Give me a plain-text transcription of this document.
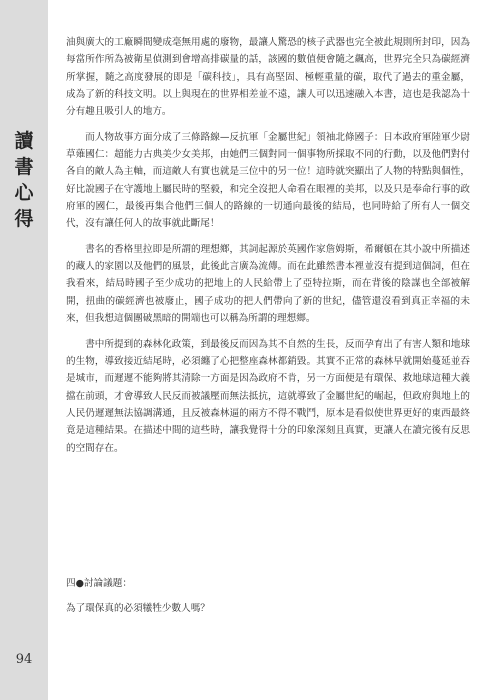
讀
書
心
得
94

油與廣大的工廠瞬間變成毫無用處的廢物，最讓人驚恐的核子武器也完全被此規則所封印，因為每當所作所為被衛星偵測到會增高排碳量的話，該國的數值便會隨之飆高，世界完全只為碳經濟所掌握，隨之高度發展的即是「碳科技」，具有高堅固、極輕重量的碳，取代了過去的重金屬，成為了新的科技文明。以上與現在的世界相差並不遠，讓人可以迅速融入本書，這也是我認為十分有趣且吸引人的地方。

而人物故事方面分成了三條路線—反抗軍「金屬世紀」領袖北條國子：日本政府軍陸軍少尉草薙國仁：超能力古典美少女美邦，由她們三個對同一個事物所採取不同的行動，以及他們對付各自的敵人為主軸，而這敵人有實也就是三位中的另一位！這時就突顯出了人物的特點與個性，好比說國子在守護地上屬民時的堅毅，和完全沒把人命看在眼裡的美邦，以及只是奉命行事的政府軍的國仁，最後再集合他們三個人的路線的一切通向最後的結局，也同時給了所有人一個交代，沒有讓任何人的故事就此斷尾！

書名的香格里拉即是所謂的理想鄉，其詞起源於英國作家詹姆斯，希爾頓在其小說中所描述的藏人的家園以及他們的風景，此後此言廣為流傳。而在此雖然書本裡並沒有提到這個詞，但在我看來，結局時國子至少成功的把地上的人民給帶上了亞特拉斯，而在背後的陰謀也全部被解開，扭曲的碳經濟也被廢止，國子成功的把人們帶向了新的世紀，儘管還沒看到真正幸福的未來，但我想這個團破黑暗的開端也可以稱為所謂的理想鄉。

書中所提到的森林化政策，到最後反而因為其不自然的生長，反而孕育出了有害人類和地球的生物，導致接近結尾時，必須纏了心把整座森林都銷毀。其實不正常的森林早就開始蔓延並吞是城市，而遲遲不能夠將其清除一方面是因為政府不肯，另一方面便是有環保、救地球這種大義擋在前頭，才會導致人民反而被議壓而無法抵抗，這就導致了金屬世紀的崛起，但政府與地上的人民仍遲遲無法協調溝通，且反被森林逼的兩方不得不戰鬥，原本是看似使世界更好的東西最終竟是這種結果。在描述中間的這些時，讓我覺得十分的印象深刻且真實，更讓人在讀完後有反思的空間存在。

四●討論議題：
為了環保真的必須犧牲少數人嗎？
